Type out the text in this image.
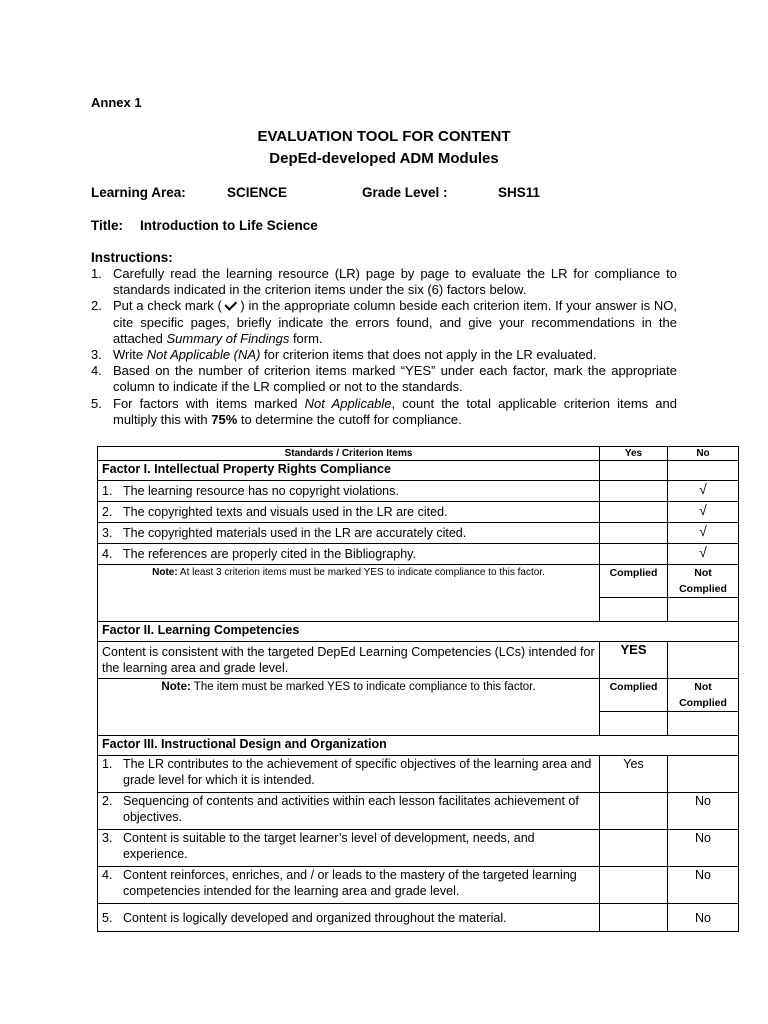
Annex 1
EVALUATION TOOL FOR CONTENT
DepEd-developed ADM Modules
Learning Area:	SCIENCE	Grade Level :	SHS11
Title: Introduction to Life Science
Instructions:
1. Carefully read the learning resource (LR) page by page to evaluate the LR for compliance to standards indicated in the criterion items under the six (6) factors below.
2. Put a check mark ( ) in the appropriate column beside each criterion item. If your answer is NO, cite specific pages, briefly indicate the errors found, and give your recommendations in the attached Summary of Findings form.
3. Write Not Applicable (NA) for criterion items that does not apply in the LR evaluated.
4. Based on the number of criterion items marked “YES” under each factor, mark the appropriate column to indicate if the LR complied or not to the standards.
5. For factors with items marked Not Applicable, count the total applicable criterion items and multiply this with 75% to determine the cutoff for compliance.
Standards / Criterion Items	Yes	No
Factor I. Intellectual Property Rights Compliance		

1. The learning resource has no copyright violations.		√

2. The copyrighted texts and visuals used in the LR are cited.		√

3. The copyrighted materials used in the LR are accurately cited.		√

4. The references are properly cited in the Bibliography.		√
Note: At least 3 criterion items must be marked YES to indicate compliance to this factor.	Complied	Not Complied

Factor II. Learning Competencies		
Content is consistent with the targeted DepEd Learning Competencies (LCs) intended for the learning area and grade level.	YES	
Note: The item must be marked YES to indicate compliance to this factor.	Complied	Not Complied

Factor III. Instructional Design and Organization		

1. The LR contributes to the achievement of specific objectives of the learning area and grade level for which it is intended.	Yes	

2. Sequencing of contents and activities within each lesson facilitates achievement of objectives.		No

3. Content is suitable to the target learner’s level of development, needs, and experience.		No

4. Content reinforces, enriches, and / or leads to the mastery of the targeted learning competencies intended for the learning area and grade level.		No

5. Content is logically developed and organized throughout the material.		No
